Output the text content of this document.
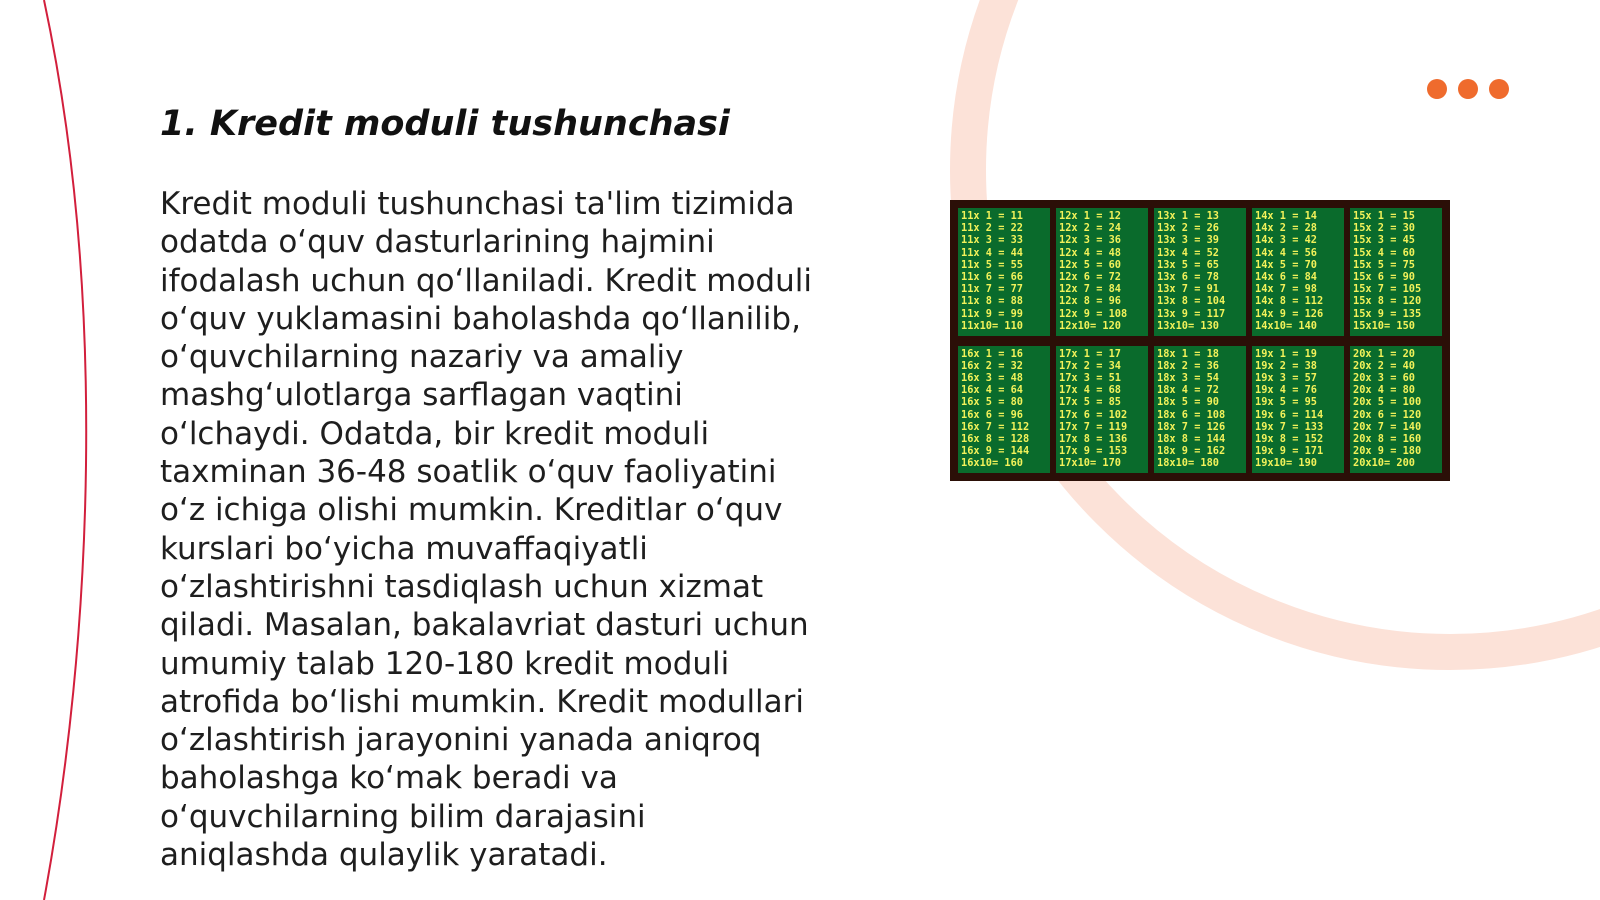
1. Kredit moduli tushunchasi

Kredit moduli tushunchasi ta'lim tizimida odatda o‘quv dasturlarining hajmini ifodalash uchun qo‘llaniladi. Kredit moduli o‘quv yuklamasini baholashda qo‘llanilib, o‘quvchilarning nazariy va amaliy mashg‘ulotlarga sarflagan vaqtini o‘lchaydi. Odatda, bir kredit moduli taxminan 36-48 soatlik o‘quv faoliyatini o‘z ichiga olishi mumkin. Kreditlar o‘quv kurslari bo‘yicha muvaffaqiyatli o‘zlashtirishni tasdiqlash uchun xizmat qiladi. Masalan, bakalavriat dasturi uchun umumiy talab 120-180 kredit moduli atrofida bo‘lishi mumkin. Kredit modullari o‘zlashtirish jarayonini yanada aniqroq baholashga ko‘mak beradi va o‘quvchilarning bilim darajasini aniqlashda qulaylik yaratadi.

11x 1 = 11
11x 2 = 22
11x 3 = 33
11x 4 = 44
11x 5 = 55
11x 6 = 66
11x 7 = 77
11x 8 = 88
11x 9 = 99
11x10= 110
12x 1 = 12
12x 2 = 24
12x 3 = 36
12x 4 = 48
12x 5 = 60
12x 6 = 72
12x 7 = 84
12x 8 = 96
12x 9 = 108
12x10= 120
13x 1 = 13
13x 2 = 26
13x 3 = 39
13x 4 = 52
13x 5 = 65
13x 6 = 78
13x 7 = 91
13x 8 = 104
13x 9 = 117
13x10= 130
14x 1 = 14
14x 2 = 28
14x 3 = 42
14x 4 = 56
14x 5 = 70
14x 6 = 84
14x 7 = 98
14x 8 = 112
14x 9 = 126
14x10= 140
15x 1 = 15
15x 2 = 30
15x 3 = 45
15x 4 = 60
15x 5 = 75
15x 6 = 90
15x 7 = 105
15x 8 = 120
15x 9 = 135
15x10= 150
16x 1 = 16
16x 2 = 32
16x 3 = 48
16x 4 = 64
16x 5 = 80
16x 6 = 96
16x 7 = 112
16x 8 = 128
16x 9 = 144
16x10= 160
17x 1 = 17
17x 2 = 34
17x 3 = 51
17x 4 = 68
17x 5 = 85
17x 6 = 102
17x 7 = 119
17x 8 = 136
17x 9 = 153
17x10= 170
18x 1 = 18
18x 2 = 36
18x 3 = 54
18x 4 = 72
18x 5 = 90
18x 6 = 108
18x 7 = 126
18x 8 = 144
18x 9 = 162
18x10= 180
19x 1 = 19
19x 2 = 38
19x 3 = 57
19x 4 = 76
19x 5 = 95
19x 6 = 114
19x 7 = 133
19x 8 = 152
19x 9 = 171
19x10= 190
20x 1 = 20
20x 2 = 40
20x 3 = 60
20x 4 = 80
20x 5 = 100
20x 6 = 120
20x 7 = 140
20x 8 = 160
20x 9 = 180
20x10= 200
